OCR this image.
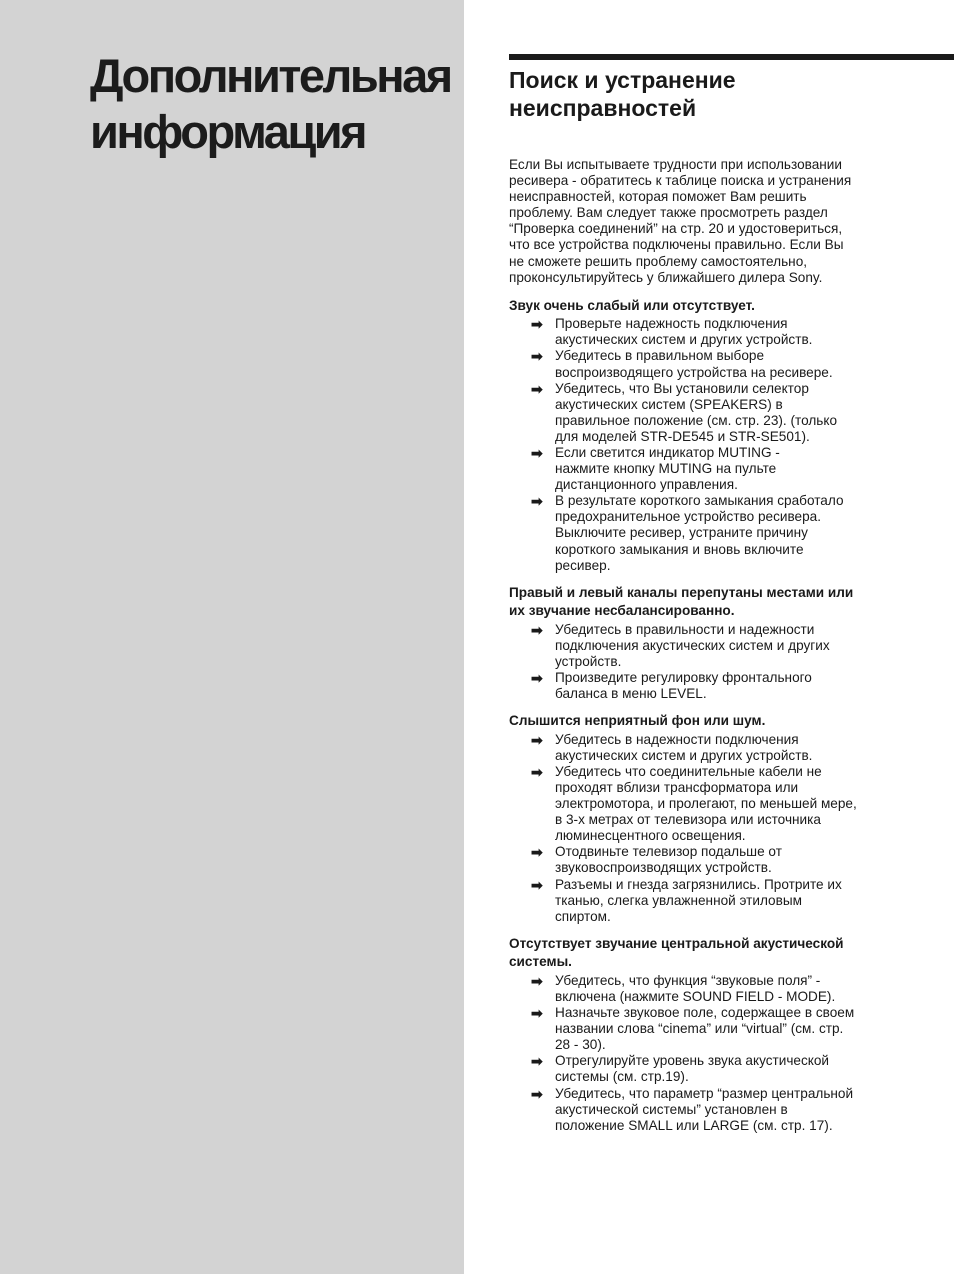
Дополнительная
информация
Поиск и устранение
неисправностей

Если Вы испытываете трудности при использовании
ресивера - обратитесь к таблице поиска и устранения
неисправностей, которая поможет Вам решить
проблему. Вам следует также просмотреть раздел
“Проверка соединений” на стр. 20 и удостовериться,
что все устройства подключены правильно. Если Вы
не сможете решить проблему самостоятельно,
проконсультируйтесь у ближайшего дилера Sony.

Звук очень слабый или отсутствует.

➡ Проверьте надежность подключения
акустических систем и других устройств.
➡ Убедитесь в правильном выборе
воспроизводящего устройства на ресивере.
➡ Убедитесь, что Вы установили селектор
акустических систем (SPEAKERS) в
правильное положение (см. стр. 23). (только
для моделей STR-DE545 и STR-SE501).
➡ Если светится индикатор MUTING -
нажмите кнопку MUTING на пульте
дистанционного управления.
➡ В результате короткого замыкания сработало
предохранительное устройство ресивера.
Выключите ресивер, устраните причину
короткого замыкания и вновь включите
ресивер.

Правый и левый каналы перепутаны местами или
их звучание несбалансированно.

➡ Убедитесь в правильности и надежности
подключения акустических систем и других
устройств.
➡ Произведите регулировку фронтального
баланса в меню LEVEL.

Слышится неприятный фон или шум.

➡ Убедитесь в надежности подключения
акустических систем и других устройств.
➡ Убедитесь что соединительные кабели не
проходят вблизи трансформатора или
электромотора, и пролегают, по меньшей мере,
в 3-х метрах от телевизора или источника
люминесцентного освещения.
➡ Отодвиньте телевизор подальше от
звуковоспроизводящих устройств.
➡ Разъемы и гнезда загрязнились. Протрите их
тканью, слегка увлажненной этиловым
спиртом.

Отсутствует звучание центральной акустической
системы.

➡ Убедитесь, что функция “звуковые поля” -
включена (нажмите SOUND FIELD - MODE).
➡ Назначьте звуковое поле, содержащее в своем
названии слова “cinema” или “virtual” (см. стр.
28 - 30).
➡ Отрегулируйте уровень звука акустической
системы (см. стр.19).
➡ Убедитесь, что параметр “размер центральной
акустической системы” установлен в
положение SMALL или LARGE (см. стр. 17).
